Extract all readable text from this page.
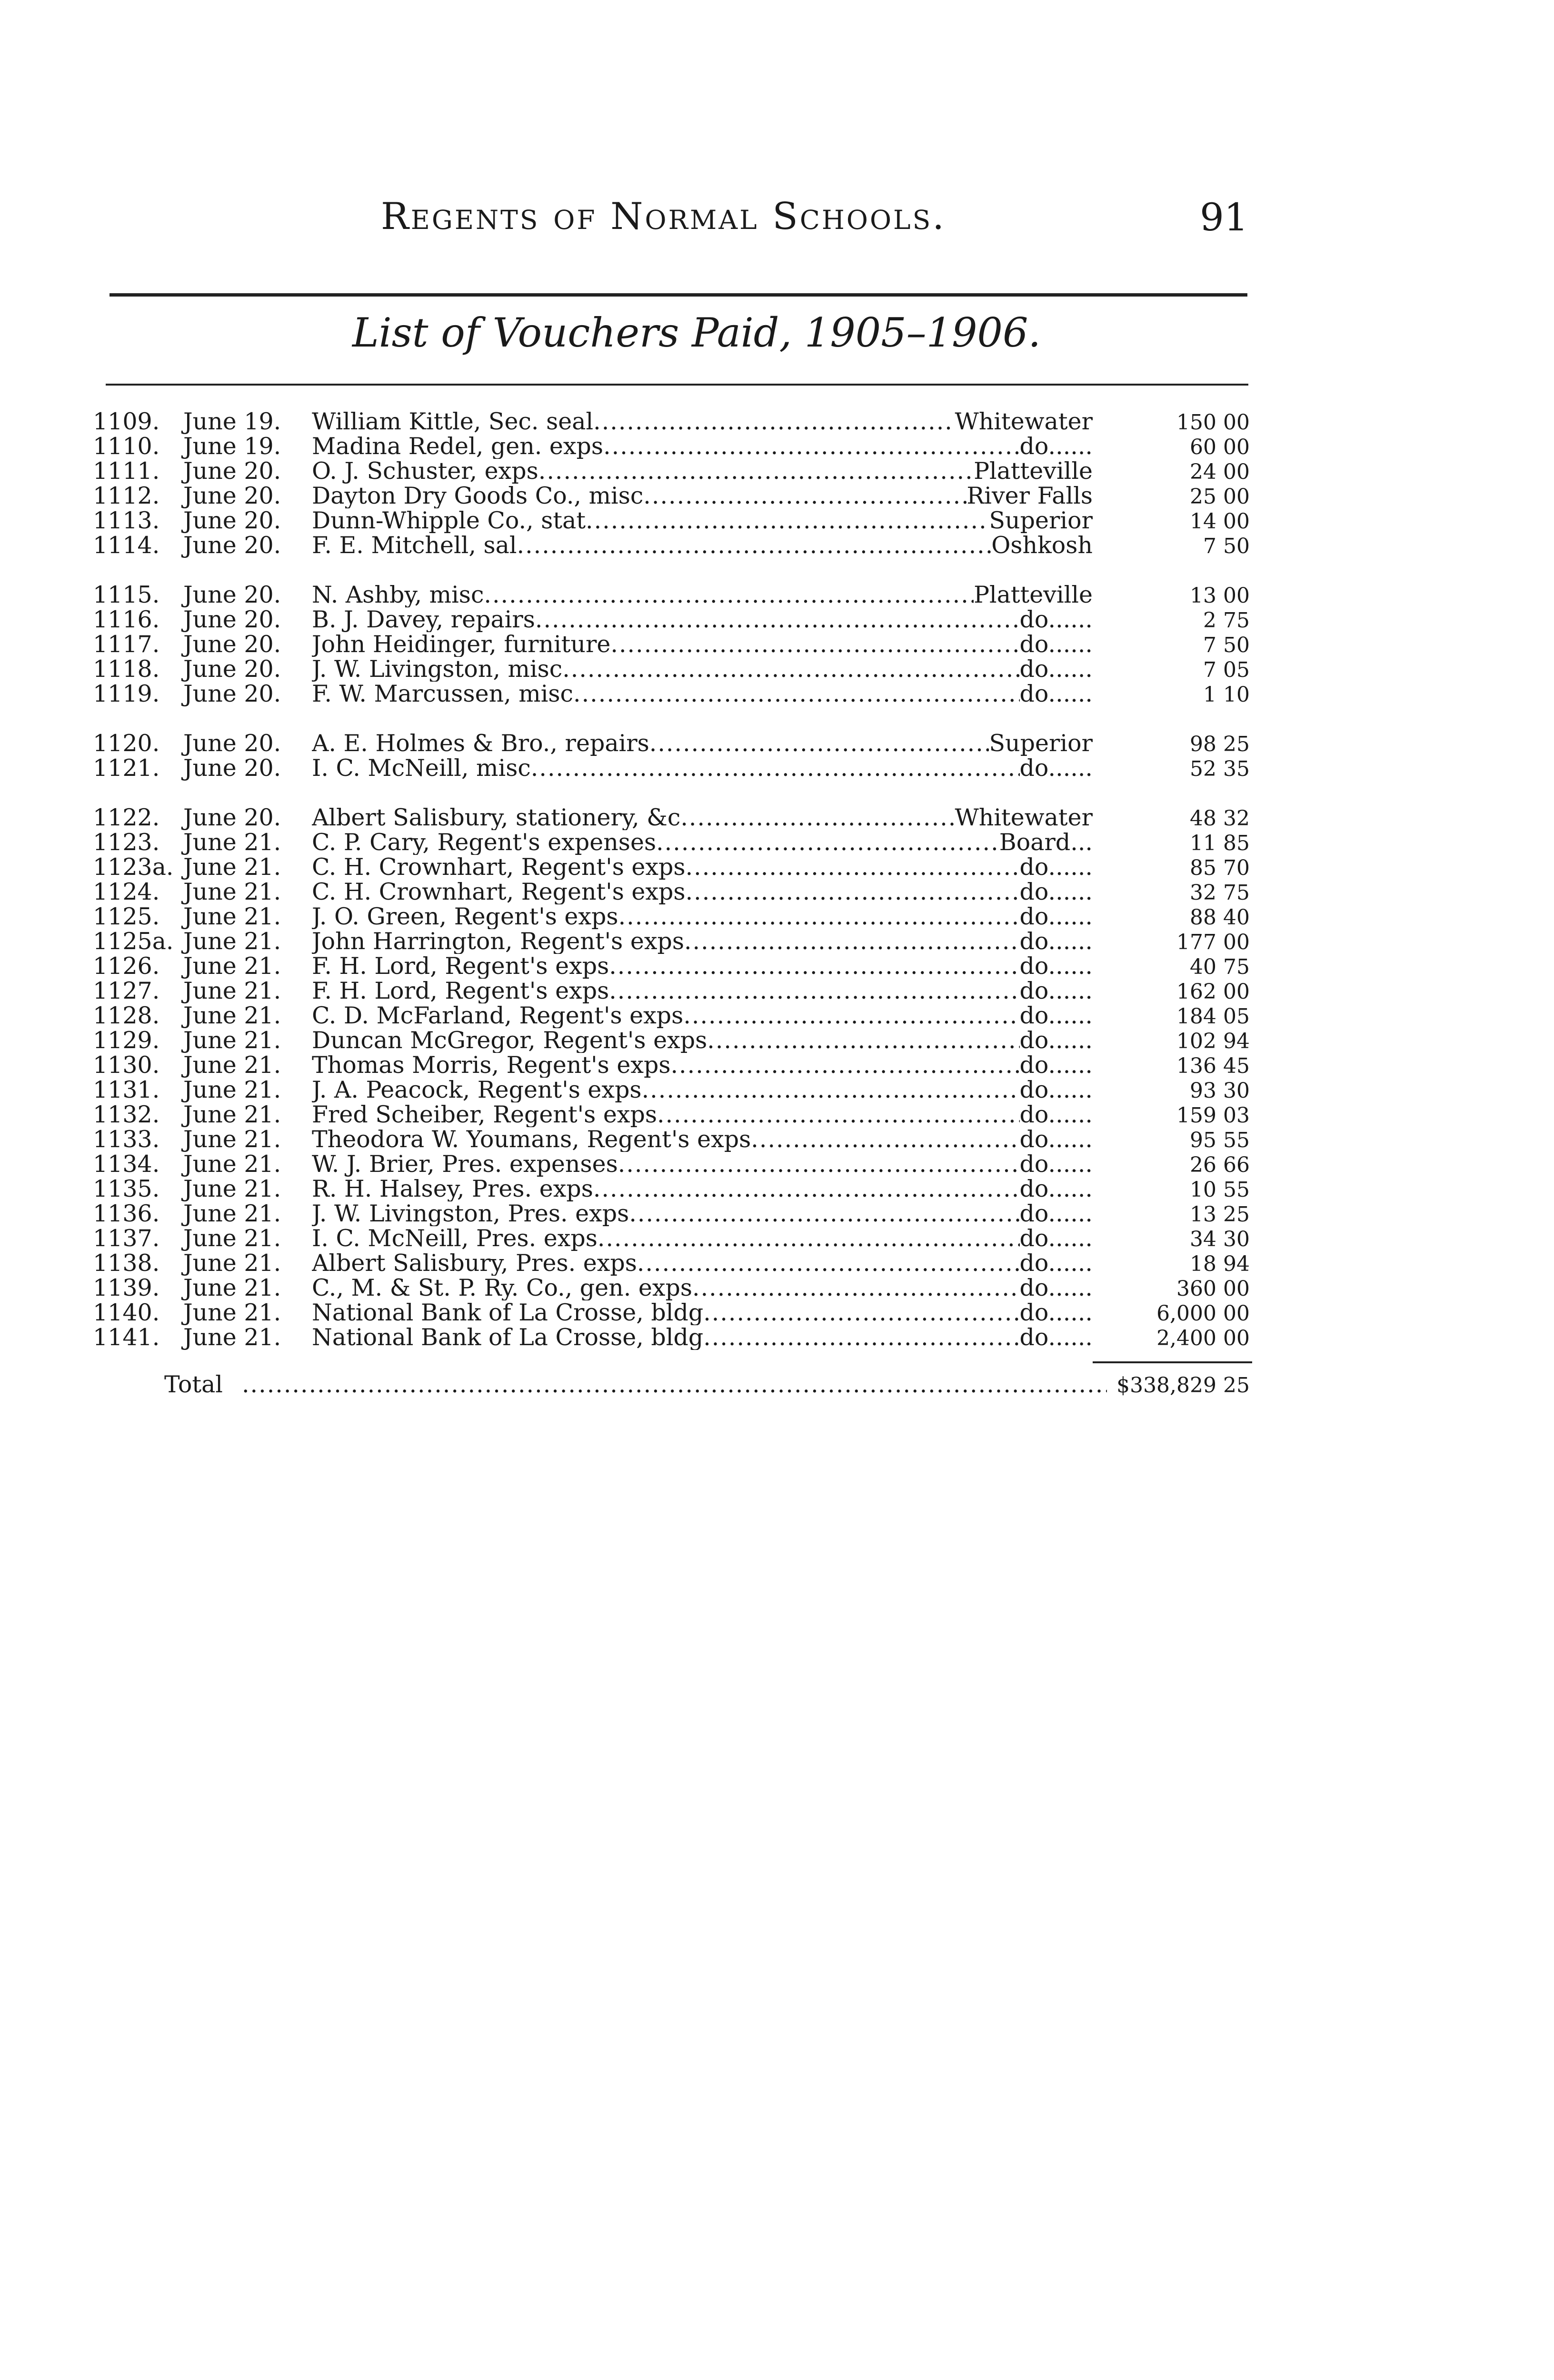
Regents of Normal Schools.	91
List of Vouchers Paid, 1905–1906.
1109.	June 19.	William Kittle, Sec. seal .....	Whitewater	150 00
1110.	June 19.	Madina Redel, gen. exps .....	do......	60 00
1111.	June 20.	O. J. Schuster, exps .....	Platteville	24 00
1112.	June 20.	Dayton Dry Goods Co., misc .....	River Falls	25 00
1113.	June 20.	Dunn-Whipple Co., stat .....	Superior	14 00
1114.	June 20.	F. E. Mitchell, sal .....	Oshkosh	7 50
1115.	June 20.	N. Ashby, misc .....	Platteville	13 00
1116.	June 20.	B. J. Davey, repairs .....	do......	2 75
1117.	June 20.	John Heidinger, furniture .....	do......	7 50
1118.	June 20.	J. W. Livingston, misc .....	do......	7 05
1119.	June 20.	F. W. Marcussen, misc .....	do......	1 10
1120.	June 20.	A. E. Holmes & Bro., repairs .....	Superior	98 25
1121.	June 20.	I. C. McNeill, misc .....	do......	52 35
1122.	June 20.	Albert Salisbury, stationery, &c .....	Whitewater	48 32
1123.	June 21.	C. P. Cary, Regent's expenses .....	Board...	11 85
1123a. June 21.	C. H. Crownhart, Regent's exps .....	do......	85 70
1124.	June 21.	C. H. Crownhart, Regent's exps .....	do......	32 75
1125.	June 21.	J. O. Green, Regent's exps .....	do......	88 40
1125a. June 21.	John Harrington, Regent's exps .....	do......	177 00
1126.	June 21.	F. H. Lord, Regent's exps .....	do......	40 75
1127.	June 21.	F. H. Lord, Regent's exps .....	do......	162 00
1128.	June 21.	C. D. McFarland, Regent's exps .....	do......	184 05
1129.	June 21.	Duncan McGregor, Regent's exps .....	do......	102 94
1130.	June 21.	Thomas Morris, Regent's exps .....	do......	136 45
1131.	June 21.	J. A. Peacock, Regent's exps .....	do......	93 30
1132.	June 21.	Fred Scheiber, Regent's exps .....	do......	159 03
1133.	June 21.	Theodora W. Youmans, Regent's exps .....	do......	95 55
1134.	June 21.	W. J. Brier, Pres. expenses .....	do......	26 66
1135.	June 21.	R. H. Halsey, Pres. exps .....	do......	10 55
1136.	June 21.	J. W. Livingston, Pres. exps .....	do......	13 25
1137.	June 21.	I. C. McNeill, Pres. exps .....	do......	34 30
1138.	June 21.	Albert Salisbury, Pres. exps .....	do......	18 94
1139.	June 21.	C., M. & St. P. Ry. Co., gen. exps .....	do......	360 00
1140.	June 21.	National Bank of La Crosse, bldg .....	do......	6,000 00
1141.	June 21.	National Bank of La Crosse, bldg .....	do......	2,400 00
Total .....	$338,829 25
